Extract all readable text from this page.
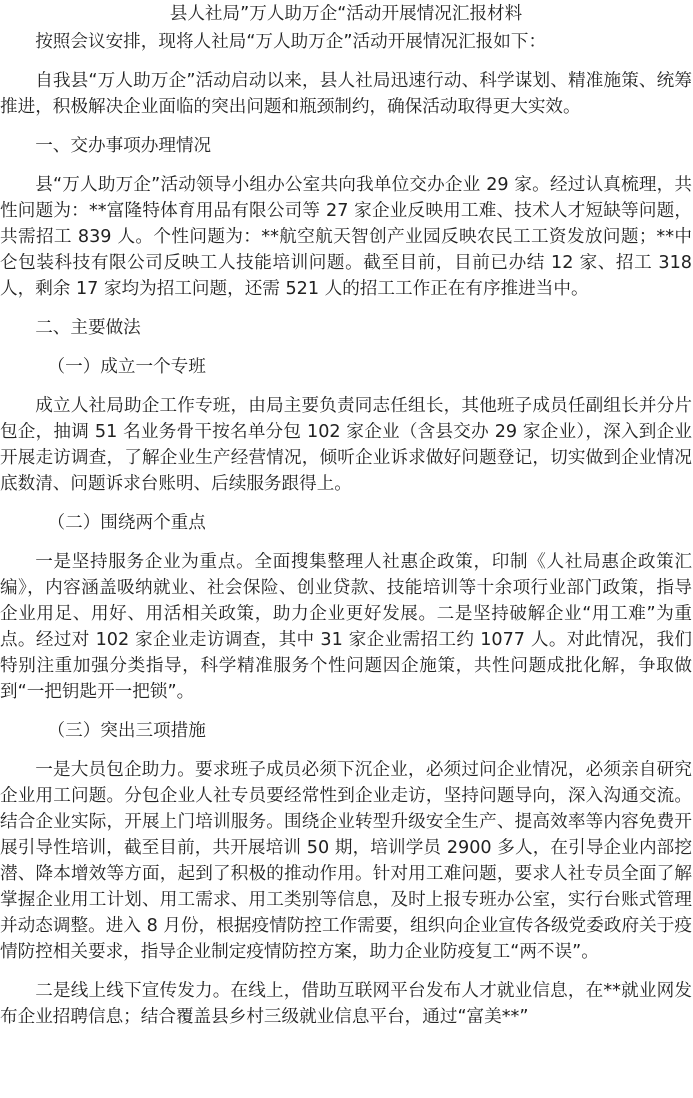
县人社局”万人助万企“活动开展情况汇报材料

按照会议安排，现将人社局“万人助万企”活动开展情况汇报如下：

自我县“万人助万企”活动启动以来，县人社局迅速行动、科学谋划、精准施策、统筹推进，积极解决企业面临的突出问题和瓶颈制约，确保活动取得更大实效。

一、交办事项办理情况

县“万人助万企”活动领导小组办公室共向我单位交办企业 29 家。经过认真梳理，共性问题为：**富隆特体育用品有限公司等 27 家企业反映用工难、技术人才短缺等问题，共需招工 839 人。个性问题为：**航空航天智创产业园反映农民工工资发放问题；**中仑包装科技有限公司反映工人技能培训问题。截至目前，目前已办结 12 家、招工 318 人，剩余 17 家均为招工问题，还需 521 人的招工工作正在有序推进当中。

二、主要做法

（一）成立一个专班

成立人社局助企工作专班，由局主要负责同志任组长，其他班子成员任副组长并分片包企，抽调 51 名业务骨干按名单分包 102 家企业（含县交办 29 家企业），深入到企业开展走访调查，了解企业生产经营情况，倾听企业诉求做好问题登记，切实做到企业情况底数清、问题诉求台账明、后续服务跟得上。

（二）围绕两个重点

一是坚持服务企业为重点。全面搜集整理人社惠企政策，印制《人社局惠企政策汇编》，内容涵盖吸纳就业、社会保险、创业贷款、技能培训等十余项行业部门政策，指导企业用足、用好、用活相关政策，助力企业更好发展。二是坚持破解企业“用工难”为重点。经过对 102 家企业走访调查，其中 31 家企业需招工约 1077 人。对此情况，我们特别注重加强分类指导，科学精准服务个性问题因企施策，共性问题成批化解，争取做到“一把钥匙开一把锁”。

（三）突出三项措施

一是大员包企助力。要求班子成员必须下沉企业，必须过问企业情况，必须亲自研究企业用工问题。分包企业人社专员要经常性到企业走访，坚持问题导向，深入沟通交流。结合企业实际，开展上门培训服务。围绕企业转型升级安全生产、提高效率等内容免费开展引导性培训，截至目前，共开展培训 50 期，培训学员 2900 多人，在引导企业内部挖潜、降本增效等方面，起到了积极的推动作用。针对用工难问题，要求人社专员全面了解掌握企业用工计划、用工需求、用工类别等信息，及时上报专班办公室，实行台账式管理并动态调整。进入 8 月份，根据疫情防控工作需要，组织向企业宣传各级党委政府关于疫情防控相关要求，指导企业制定疫情防控方案，助力企业防疫复工“两不误”。

二是线上线下宣传发力。在线上，借助互联网平台发布人才就业信息，在**就业网发布企业招聘信息；结合覆盖县乡村三级就业信息平台，通过“富美**”
